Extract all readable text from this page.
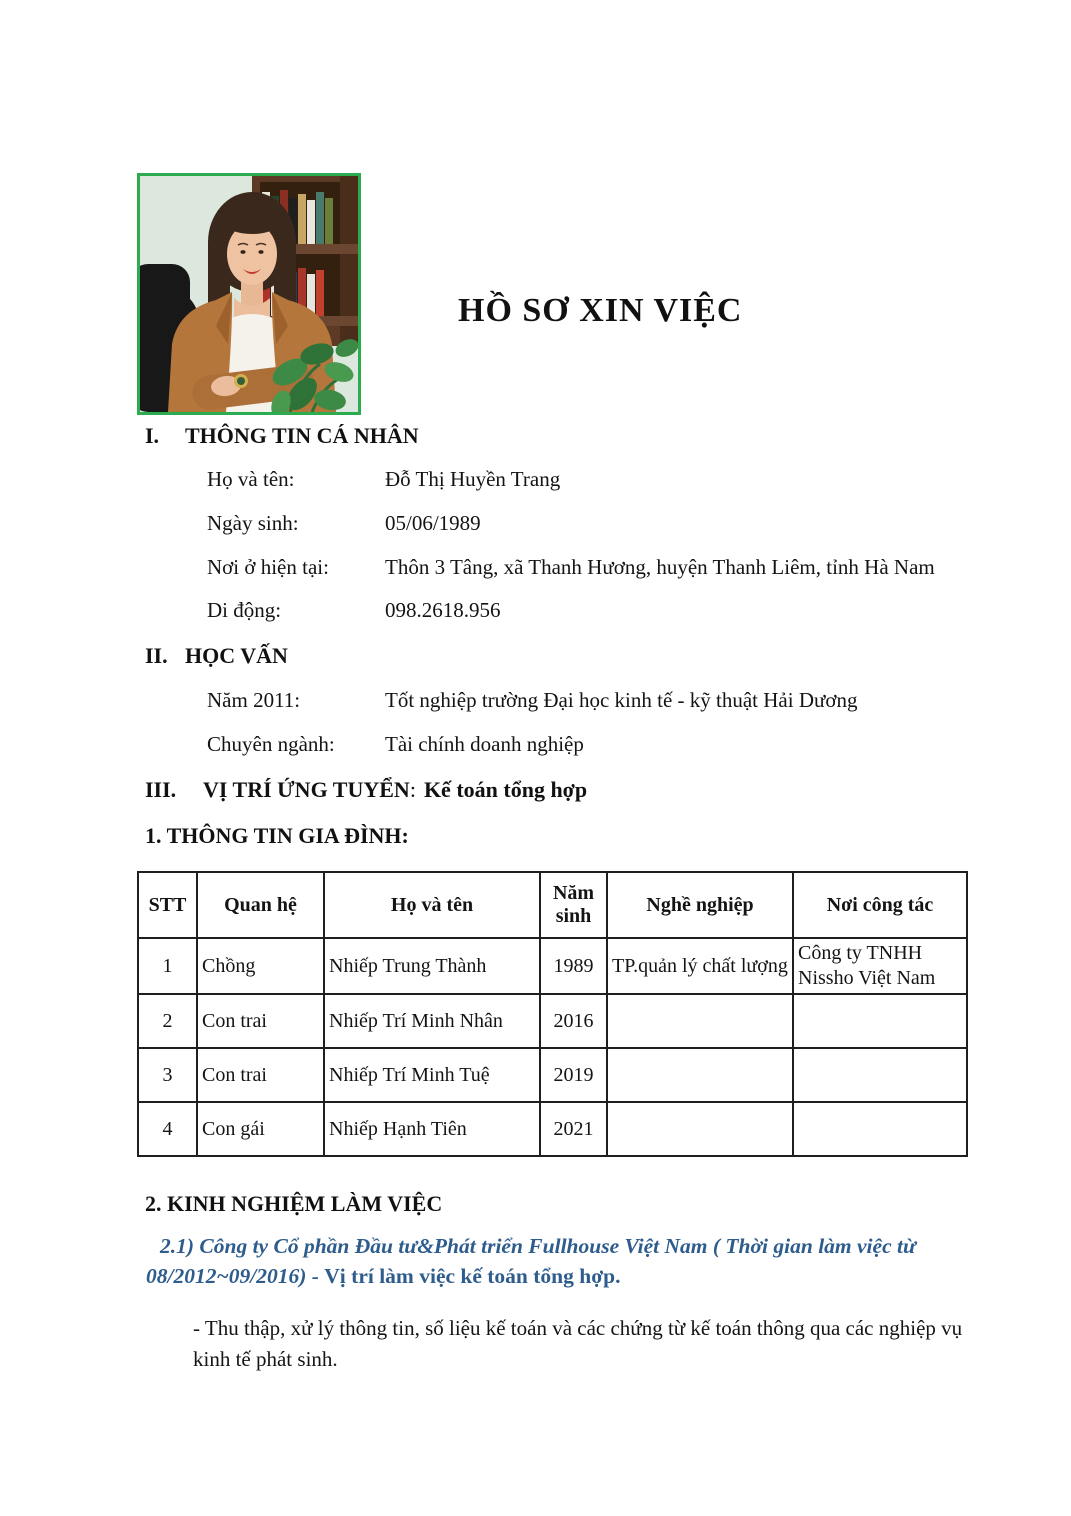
HỒ SƠ XIN VIỆC
I. THÔNG TIN CÁ NHÂN
Họ và tên:	Đỗ Thị Huyền Trang
Ngày sinh:	05/06/1989
Nơi ở hiện tại:	Thôn 3 Tâng, xã Thanh Hương, huyện Thanh Liêm, tỉnh Hà Nam
Di động:	098.2618.956
II. HỌC VẤN
Năm 2011:	Tốt nghiệp trường Đại học kinh tế - kỹ thuật Hải Dương
Chuyên ngành: Tài chính doanh nghiệp
III. VỊ TRÍ ỨNG TUYỂN: Kế toán tổng hợp
1. THÔNG TIN GIA ĐÌNH:
STT	Quan hệ	Họ và tên	Năm sinh	Nghề nghiệp	Nơi công tác
1	Chồng	Nhiếp Trung Thành	1989	TP.quản lý chất lượng	Công ty TNHH Nissho Việt Nam
2	Con trai	Nhiếp Trí Minh Nhân	2016		
3	Con trai	Nhiếp Trí Minh Tuệ	2019		
4	Con gái	Nhiếp Hạnh Tiên	2021		
2. KINH NGHIỆM LÀM VIỆC
2.1) Công ty Cổ phần Đầu tư&Phát triển Fullhouse Việt Nam ( Thời gian làm việc từ
08/2012~09/2016) - Vị trí làm việc kế toán tổng hợp.
- Thu thập, xử lý thông tin, số liệu kế toán và các chứng từ kế toán thông qua các nghiệp vụ kinh tế phát sinh.
